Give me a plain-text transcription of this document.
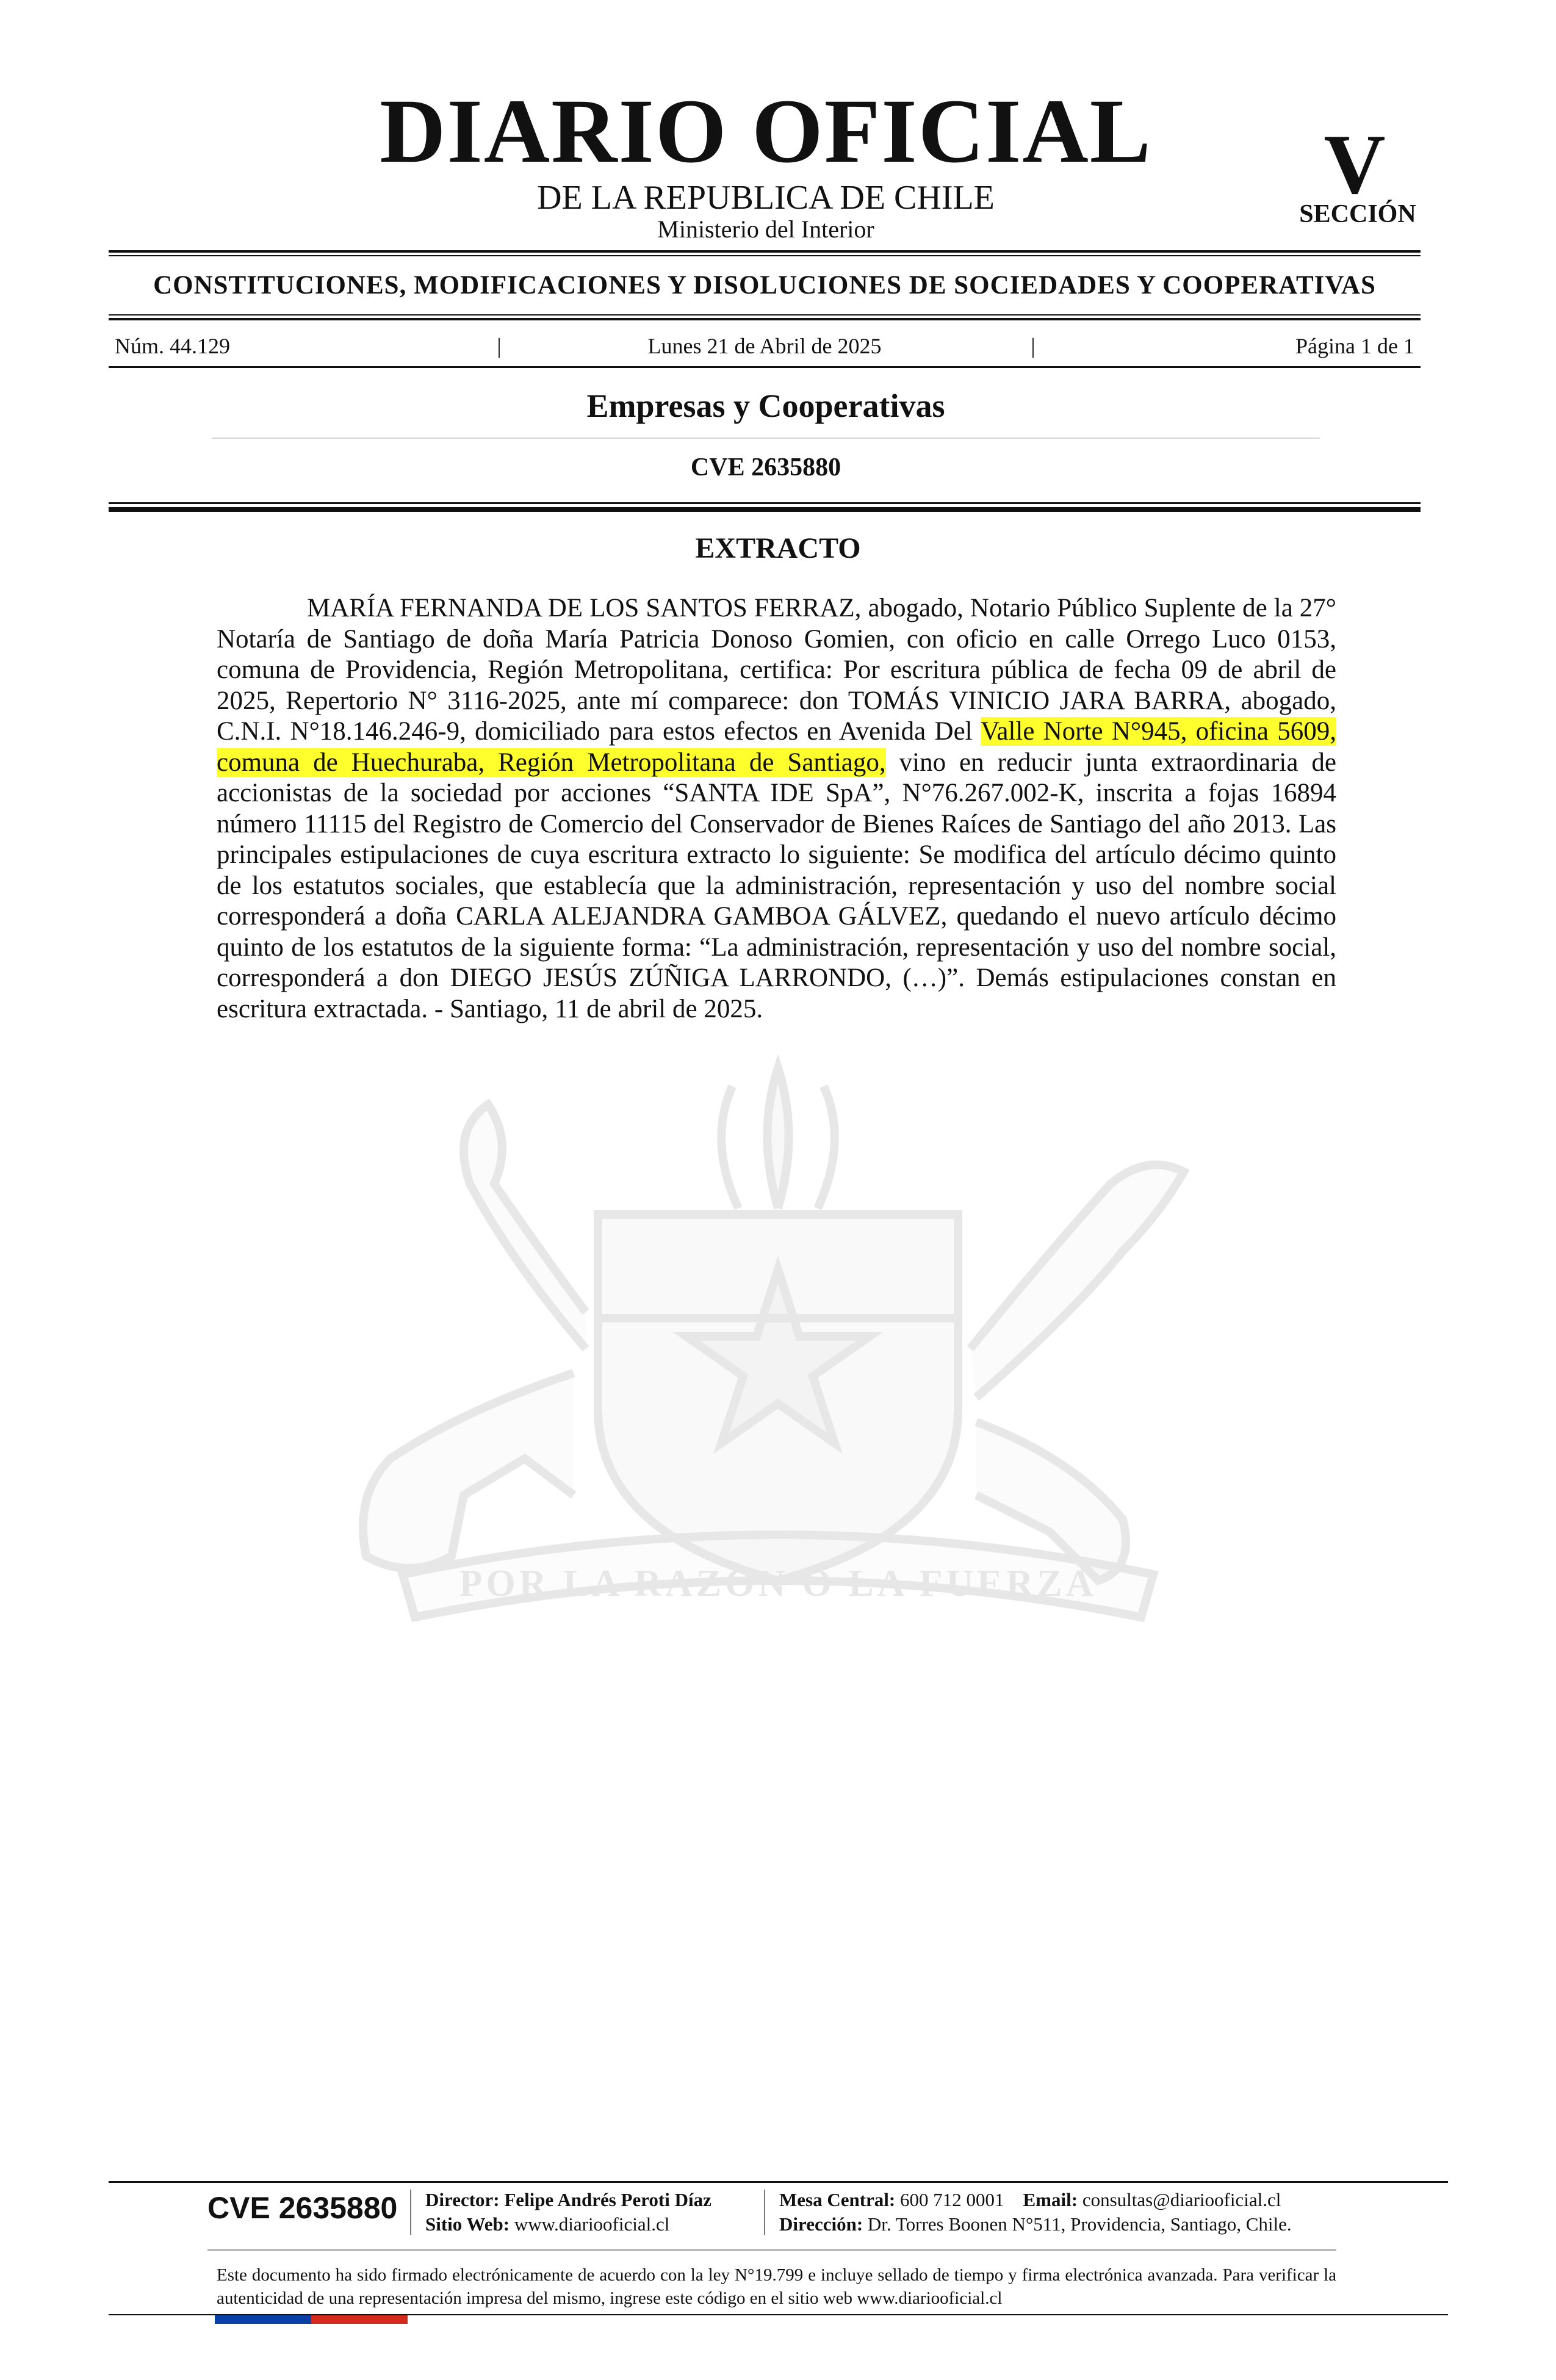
DIARIO OFICIAL
DE LA REPUBLICA DE CHILE
Ministerio del Interior
V
SECCIÓN
CONSTITUCIONES, MODIFICACIONES Y DISOLUCIONES DE SOCIEDADES Y COOPERATIVAS
Núm. 44.129	|	Lunes 21 de Abril de 2025	|	Página 1 de 1
Empresas y Cooperativas
CVE 2635880
POR LA RAZON O LA FUERZA
EXTRACTO
MARÍA FERNANDA DE LOS SANTOS FERRAZ, abogado, Notario Público Suplente de la 27° Notaría de Santiago de doña María Patricia Donoso Gomien, con oficio en calle Orrego Luco 0153, comuna de Providencia, Región Metropolitana, certifica: Por escritura pública de fecha 09 de abril de 2025, Repertorio N° 3116-2025, ante mí comparece: don TOMÁS VINICIO JARA BARRA, abogado, C.N.I. N°18.146.246-9, domiciliado para estos efectos en Avenida Del Valle Norte N°945, oficina 5609, comuna de Huechuraba, Región Metropolitana de Santiago, vino en reducir junta extraordinaria de accionistas de la sociedad por acciones “SANTA IDE SpA”, N°76.267.002-K, inscrita a fojas 16894 número 11115 del Registro de Comercio del Conservador de Bienes Raíces de Santiago del año 2013. Las principales estipulaciones de cuya escritura extracto lo siguiente: Se modifica del artículo décimo quinto de los estatutos sociales, que establecía que la administración, representación y uso del nombre social corresponderá a doña CARLA ALEJANDRA GAMBOA GÁLVEZ, quedando el nuevo artículo décimo quinto de los estatutos de la siguiente forma: “La administración, representación y uso del nombre social, corresponderá a don DIEGO JESÚS ZÚÑIGA LARRONDO, (…)”. Demás estipulaciones constan en escritura extractada. - Santiago, 11 de abril de 2025.
CVE 2635880 Director: Felipe Andrés Peroti Díaz
Sitio Web: www.diariooficial.cl
Mesa Central: 600 712 0001 Email: consultas@diariooficial.cl
Dirección: Dr. Torres Boonen N°511, Providencia, Santiago, Chile.
Este documento ha sido firmado electrónicamente de acuerdo con la ley N°19.799 e incluye sellado de tiempo y firma electrónica avanzada. Para verificar la autenticidad de una representación impresa del mismo, ingrese este código en el sitio web www.diariooficial.cl
